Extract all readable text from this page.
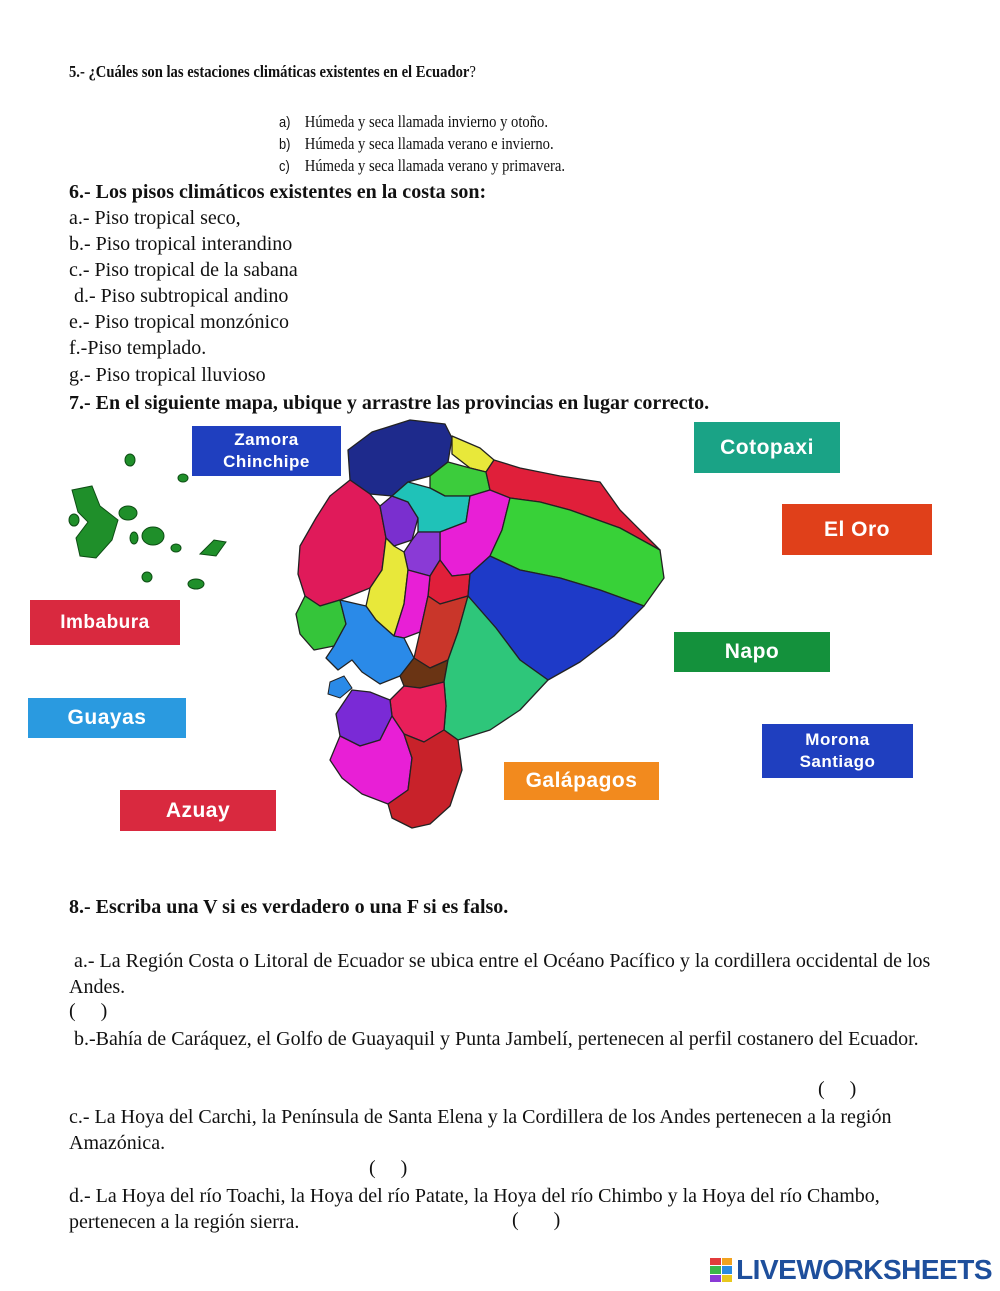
5.- ¿Cuáles son las estaciones climáticas existentes en el Ecuador?
a) Húmeda y seca llamada invierno y otoño.
b) Húmeda y seca llamada verano e invierno.
c) Húmeda y seca llamada verano y primavera.
6.- Los pisos climáticos existentes en la costa son:
a.- Piso tropical seco,
b.- Piso tropical interandino
c.- Piso tropical de la sabana
d.- Piso subtropical andino
e.- Piso tropical monzónico
f.-Piso templado.
g.- Piso tropical lluvioso
7.- En el siguiente mapa, ubique y arrastre las provincias en lugar correcto.
Zamora
Chinchipe
Cotopaxi
El Oro
Imbabura
Napo
Guayas
Morona
Santiago
Galápagos
Azuay
8.- Escriba una V si es verdadero o una F si es falso.
a.- La Región Costa o Litoral de Ecuador se ubica entre el Océano Pacífico y la cordillera occidental de los     Andes.
(     )
b.-Bahía de Caráquez, el Golfo de Guayaquil y Punta Jambelí, pertenecen al perfil costanero del Ecuador.
(     )
c.- La Hoya del Carchi, la Península de Santa Elena y la Cordillera de los Andes pertenecen a la región Amazónica.
(     )
d.- La Hoya del río Toachi, la Hoya del río Patate, la Hoya del río Chimbo y la Hoya del río Chambo, pertenecen a la región sierra.	(       )
LIVEWORKSHEETS
